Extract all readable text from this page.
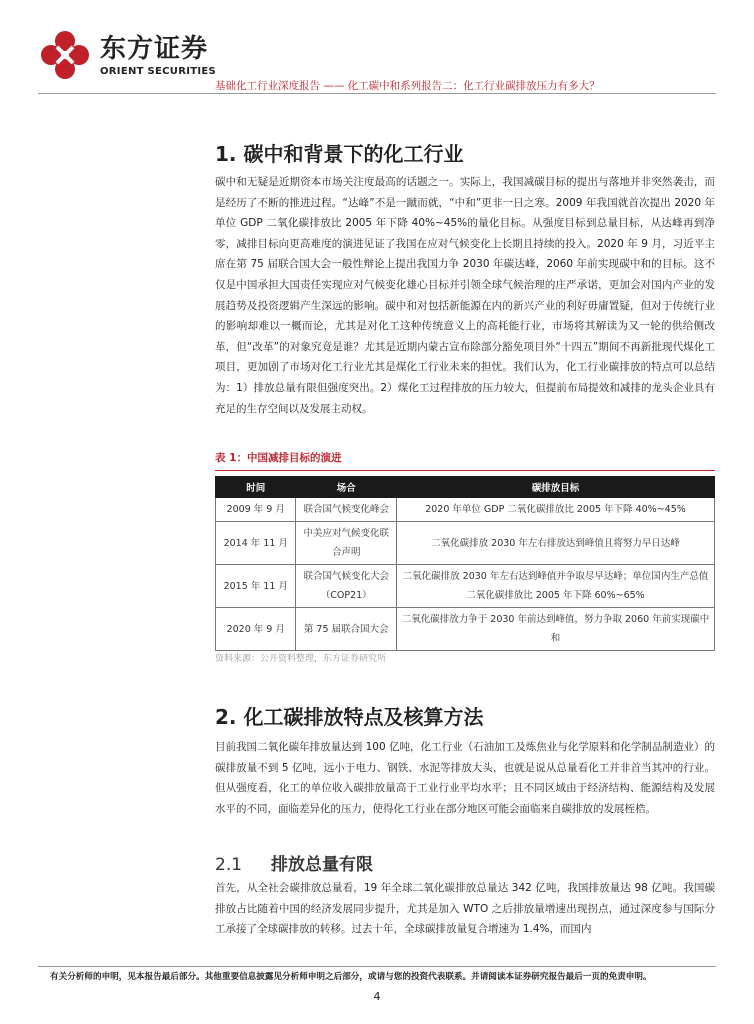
东方证券
ORIENT SECURITIES
基础化工行业深度报告 —— 化工碳中和系列报告二：化工行业碳排放压力有多大？
1. 碳中和背景下的化工行业

碳中和无疑是近期资本市场关注度最高的话题之一。实际上，我国减碳目标的提出与落地并非突然袭击，而是经历了不断的推进过程。“达峰”不是一蹴而就，“中和”更非一日之寒。2009 年我国就首次提出 2020 年单位 GDP 二氧化碳排放比 2005 年下降 40%~45%的量化目标。从强度目标到总量目标，从达峰再到净零，减排目标向更高难度的演进见证了我国在应对气候变化上长期且持续的投入。2020 年 9 月，习近平主席在第 75 届联合国大会一般性辩论上提出我国力争 2030 年碳达峰，2060 年前实现碳中和的目标。这不仅是中国承担大国责任实现应对气候变化雄心目标并引领全球气候治理的庄严承诺，更加会对国内产业的发展趋势及投资逻辑产生深远的影响。碳中和对包括新能源在内的新兴产业的利好毋庸置疑，但对于传统行业的影响却难以一概而论，尤其是对化工这种传统意义上的高耗能行业，市场将其解读为又一轮的供给侧改革，但“改革”的对象究竟是谁？尤其是近期内蒙古宣布除部分豁免项目外“十四五”期间不再新批现代煤化工项目，更加剧了市场对化工行业尤其是煤化工行业未来的担忧。我们认为，化工行业碳排放的特点可以总结为：1）排放总量有限但强度突出。2）煤化工过程排放的压力较大，但提前布局提效和减排的龙头企业具有充足的生存空间以及发展主动权。

表 1：中国减排目标的演进
时间	场合	碳排放目标
2009 年 9 月	联合国气候变化峰会	2020 年单位 GDP 二氧化碳排放比 2005 年下降 40%~45%
2014 年 11 月	中美应对气候变化联合声明	二氧化碳排放 2030 年左右排放达到峰值且将努力早日达峰
2015 年 11 月	联合国气候变化大会（COP21）	二氧化碳排放 2030 年左右达到峰值并争取尽早达峰；单位国内生产总值二氧化碳排放比 2005 年下降 60%~65%
2020 年 9 月	第 75 届联合国大会	二氧化碳排放力争于 2030 年前达到峰值，努力争取 2060 年前实现碳中和
资料来源：公开资料整理，东方证券研究所
2. 化工碳排放特点及核算方法

目前我国二氧化碳年排放量达到 100 亿吨，化工行业（石油加工及炼焦业与化学原料和化学制品制造业）的碳排放量不到 5 亿吨，远小于电力、钢铁、水泥等排放大头，也就是说从总量看化工并非首当其冲的行业。但从强度看，化工的单位收入碳排放量高于工业行业平均水平；且不同区域由于经济结构、能源结构及发展水平的不同，面临差异化的压力，使得化工行业在部分地区可能会面临来自碳排放的发展桎梏。

2.1 排放总量有限

首先，从全社会碳排放总量看，19 年全球二氧化碳排放总量达 342 亿吨，我国排放量达 98 亿吨。我国碳排放占比随着中国的经济发展同步提升，尤其是加入 WTO 之后排放量增速出现拐点，通过深度参与国际分工承接了全球碳排放的转移。过去十年，全球碳排放量复合增速为 1.4%，而国内

有关分析师的申明，见本报告最后部分。其他重要信息披露见分析师申明之后部分，或请与您的投资代表联系。并请阅读本证券研究报告最后一页的免责申明。
4
